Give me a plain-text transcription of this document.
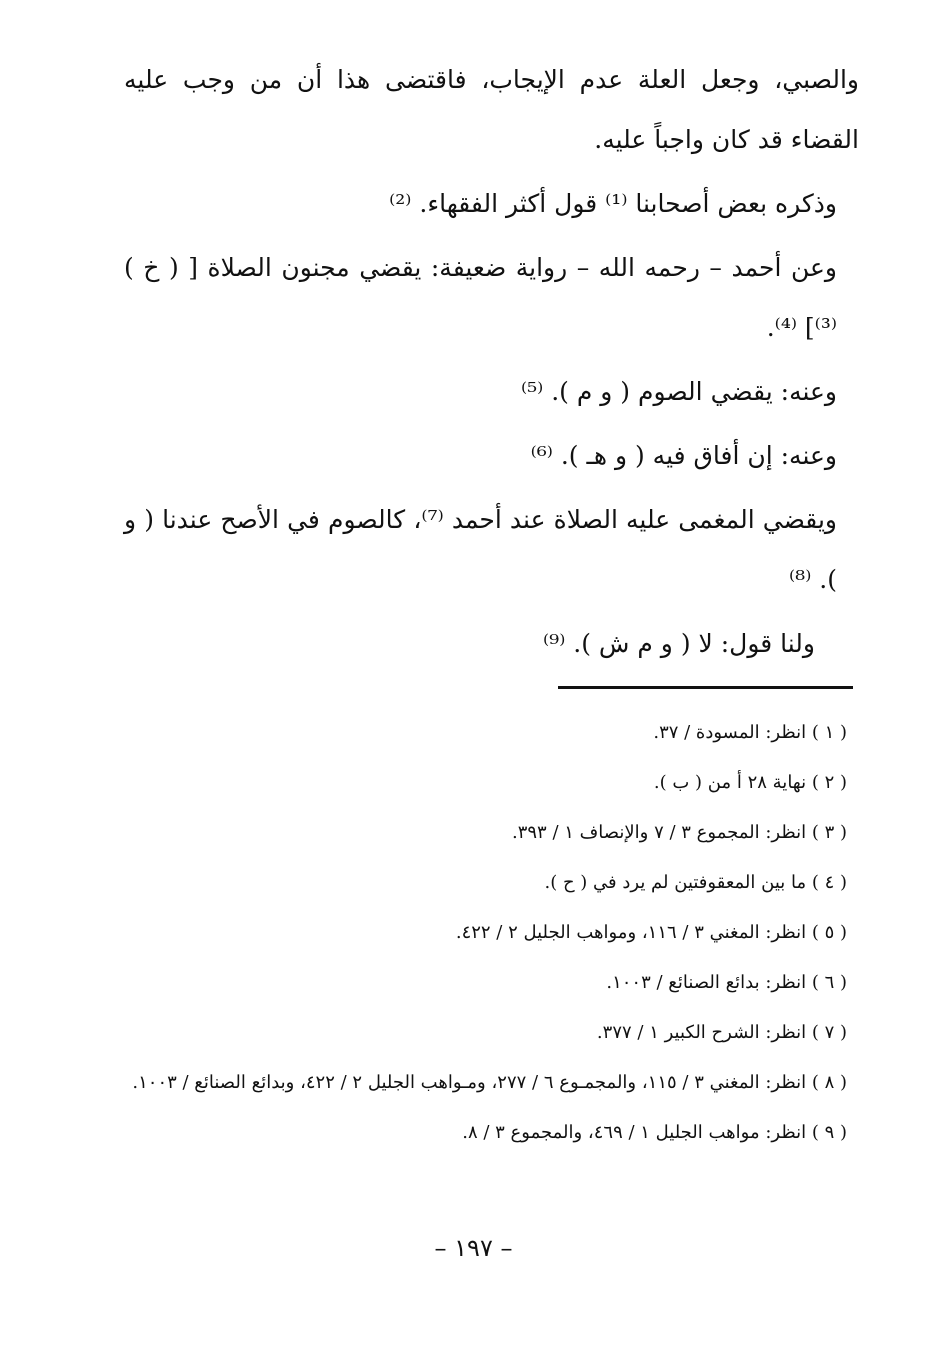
والصبي، وجعل العلة عدم الإيجاب، فاقتضى هذا أن من وجب عليه القضاء قد كان واجباً عليه.

وذكره بعض أصحابنا ⁽¹⁾ قول أكثر الفقهاء. ⁽²⁾

وعن أحمد – رحمه الله – رواية ضعيفة: يقضي مجنون الصلاة [ ( خ ) ⁽³⁾] ⁽⁴⁾.

وعنه: يقضي الصوم ( و م ). ⁽⁵⁾

وعنه: إن أفاق فيه ( و هـ ). ⁽⁶⁾

ويقضي المغمى عليه الصلاة عند أحمد ⁽⁷⁾، كالصوم في الأصح عندنا ( و ). ⁽⁸⁾

ولنا قول: لا ( و م ش ). ⁽⁹⁾

( ١ ) انظر: المسودة / ٣٧.

( ٢ ) نهاية ٢٨ أ من ( ب ).

( ٣ ) انظر: المجموع ٣ / ٧ والإنصاف ١ / ٣٩٣.

( ٤ ) ما بين المعقوفتين لم يرد في ( ح ).

( ٥ ) انظر: المغني ٣ / ١١٦، ومواهب الجليل ٢ / ٤٢٢.

( ٦ ) انظر: بدائع الصنائع / ١٠٠٣.

( ٧ ) انظر: الشرح الكبير ١ / ٣٧٧.

( ٨ ) انظر: المغني ٣ / ١١٥، والمجمـوع ٦ / ٢٧٧، ومـواهب الجليل ٢ / ٤٢٢، وبدائع الصنائع / ١٠٠٣.

( ٩ ) انظر: مواهب الجليل ١ / ٤٦٩، والمجموع ٣ / ٨.

– ١٩٧ –
